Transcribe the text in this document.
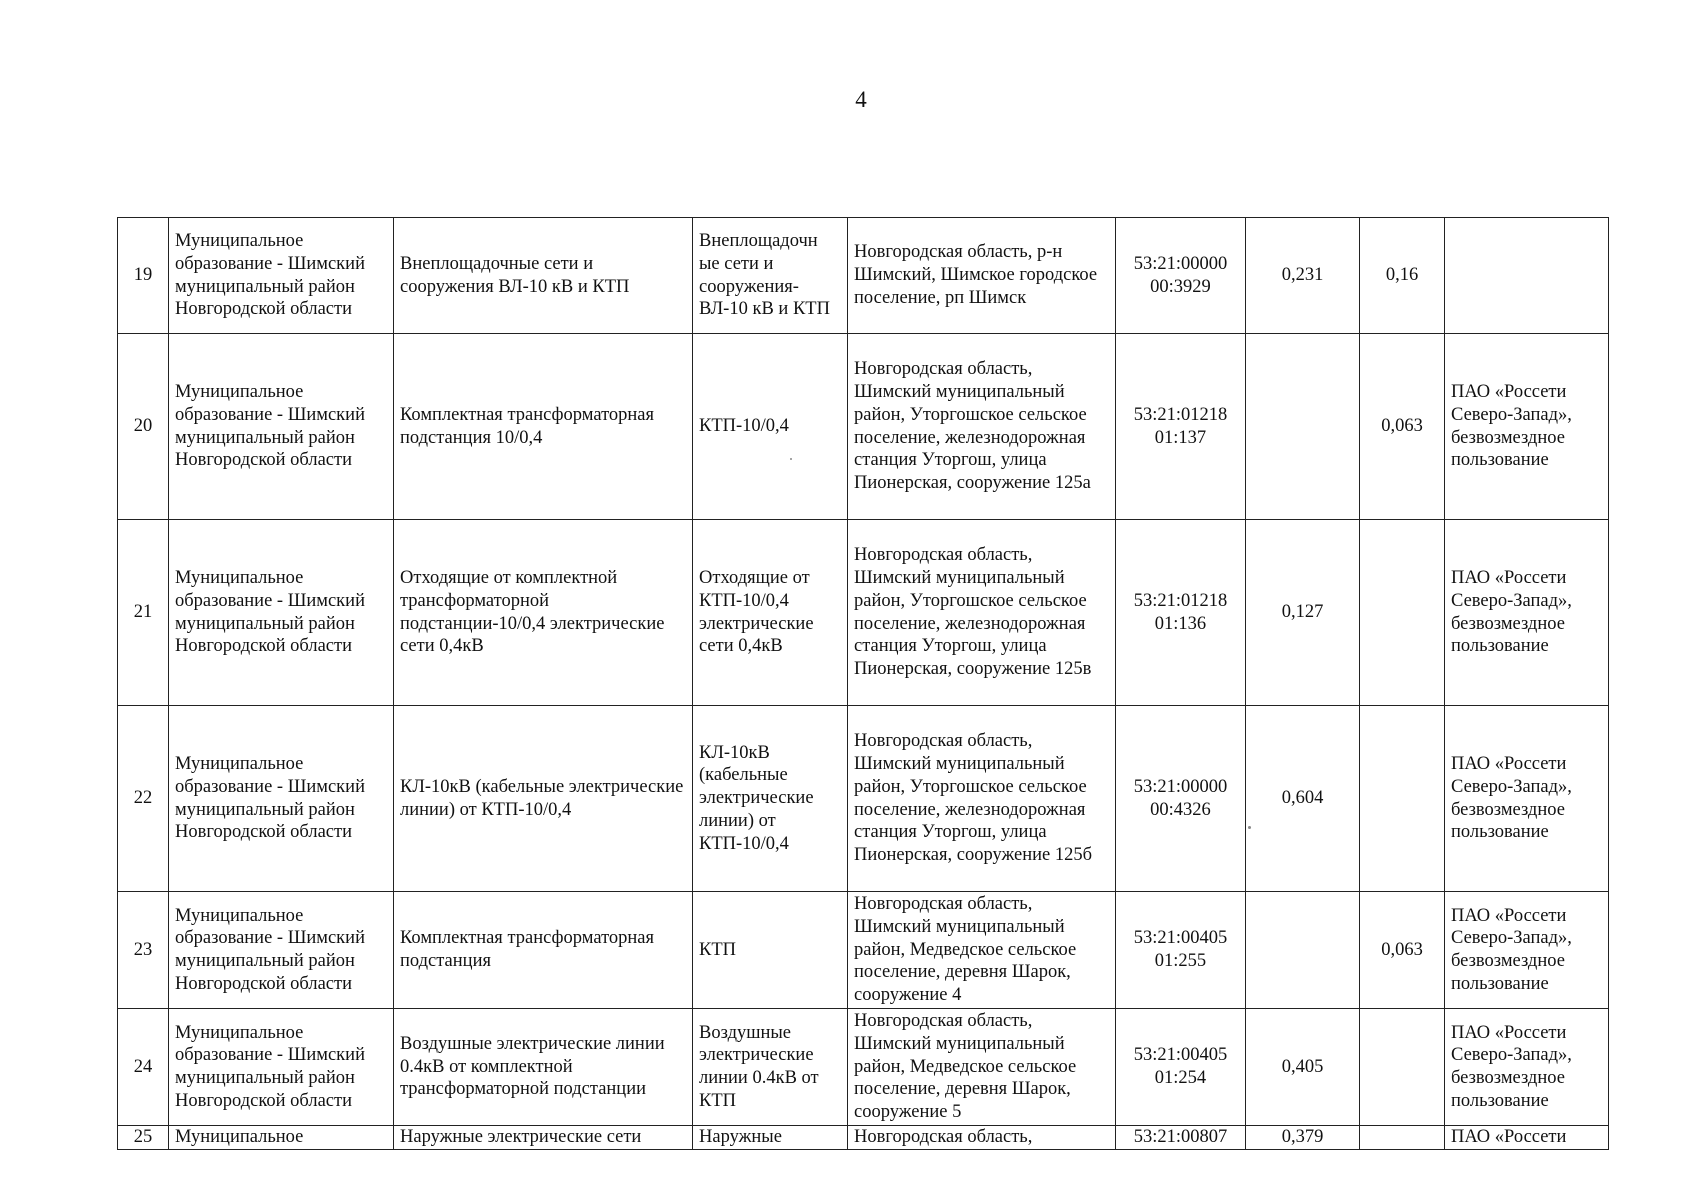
4
19	Муниципальное образование - Шимский муниципальный район Новгородской области	Внеплощадочные сети и сооружения ВЛ-10 кВ и КТП	Внеплощадочн ые сети и сооружения-ВЛ-10 кВ и КТП	Новгородская область, р-н Шимский, Шимское городское поселение, рп Шимск	53:21:00000 00:3929	0,231	0,16	
20	Муниципальное образование - Шимский муниципальный район Новгородской области	Комплектная трансформаторная подстанция 10/0,4	КТП-10/0,4	Новгородская область, Шимский муниципальный район, Уторгошское сельское поселение, железнодорожная станция Уторгош, улица Пионерская, сооружение 125а	53:21:01218 01:137		0,063	ПАО «Россети Северо-Запад», безвозмездное пользование
21	Муниципальное образование - Шимский муниципальный район Новгородской области	Отходящие от комплектной трансформаторной подстанции-10/0,4 электрические сети 0,4кВ	Отходящие от КТП-10/0,4 электрические сети 0,4кВ	Новгородская область, Шимский муниципальный район, Уторгошское сельское поселение, железнодорожная станция Уторгош, улица Пионерская, сооружение 125в	53:21:01218 01:136	0,127		ПАО «Россети Северо-Запад», безвозмездное пользование
22	Муниципальное образование - Шимский муниципальный район Новгородской области	КЛ-10кВ (кабельные электрические линии) от КТП-10/0,4	КЛ-10кВ (кабельные электрические линии) от КТП-10/0,4	Новгородская область, Шимский муниципальный район, Уторгошское сельское поселение, железнодорожная станция Уторгош, улица Пионерская, сооружение 125б	53:21:00000 00:4326	0,604		ПАО «Россети Северо-Запад», безвозмездное пользование
23	Муниципальное образование - Шимский муниципальный район Новгородской области	Комплектная трансформаторная подстанция	КТП	Новгородская область, Шимский муниципальный район, Медведское сельское поселение, деревня Шарок, сооружение 4	53:21:00405 01:255		0,063	ПАО «Россети Северо-Запад», безвозмездное пользование
24	Муниципальное образование - Шимский муниципальный район Новгородской области	Воздушные электрические линии 0.4кВ от комплектной трансформаторной подстанции	Воздушные электрические линии 0.4кВ от КТП	Новгородская область, Шимский муниципальный район, Медведское сельское поселение, деревня Шарок, сооружение 5	53:21:00405 01:254	0,405		ПАО «Россети Северо-Запад», безвозмездное пользование
25	Муниципальное	Наружные электрические сети	Наружные	Новгородская область,	53:21:00807	0,379		ПАО «Россети
